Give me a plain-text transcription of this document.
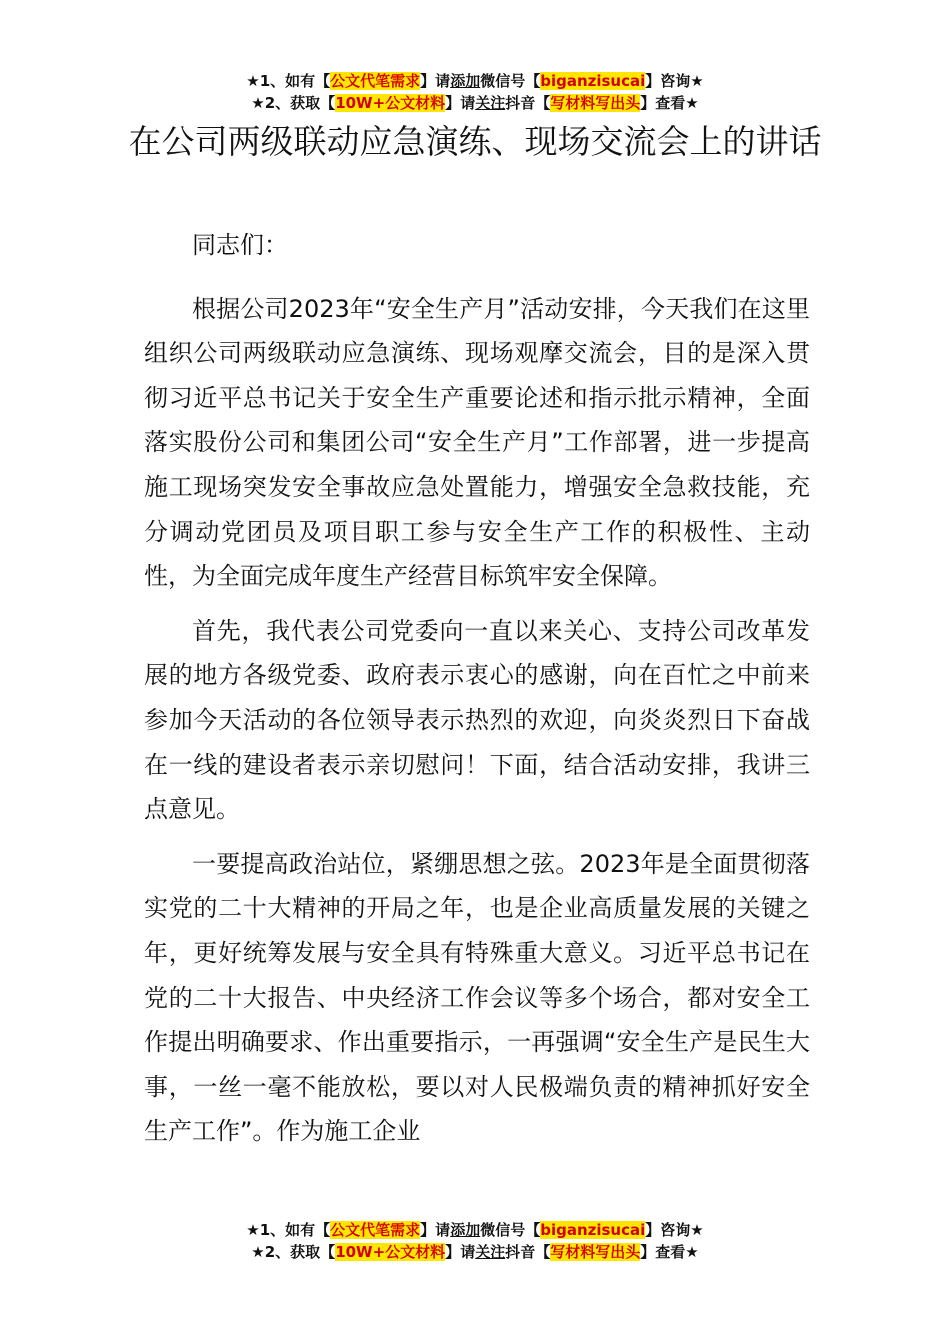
★1、如有【公文代笔需求】请添加微信号【biganzisucai】咨询★
★2、获取【10W+公文材料】请关注抖音【写材料写出头】查看★
在公司两级联动应急演练、现场交流会上的讲话

同志们：

根据公司2023年“安全生产月”活动安排，今天我们在这里组织公司两级联动应急演练、现场观摩交流会，目的是深入贯彻习近平总书记关于安全生产重要论述和指示批示精神，全面落实股份公司和集团公司“安全生产月”工作部署，进一步提高施工现场突发安全事故应急处置能力，增强安全急救技能，充分调动党团员及项目职工参与安全生产工作的积极性、主动性，为全面完成年度生产经营目标筑牢安全保障。

首先，我代表公司党委向一直以来关心、支持公司改革发展的地方各级党委、政府表示衷心的感谢，向在百忙之中前来参加今天活动的各位领导表示热烈的欢迎，向炎炎烈日下奋战在一线的建设者表示亲切慰问！下面，结合活动安排，我讲三点意见。

一要提高政治站位，紧绷思想之弦。2023年是全面贯彻落实党的二十大精神的开局之年，也是企业高质量发展的关键之年，更好统筹发展与安全具有特殊重大意义。习近平总书记在党的二十大报告、中央经济工作会议等多个场合，都对安全工作提出明确要求、作出重要指示，一再强调“安全生产是民生大事，一丝一毫不能放松，要以对人民极端负责的精神抓好安全生产工作”。作为施工企业

★1、如有【公文代笔需求】请添加微信号【biganzisucai】咨询★
★2、获取【10W+公文材料】请关注抖音【写材料写出头】查看★
